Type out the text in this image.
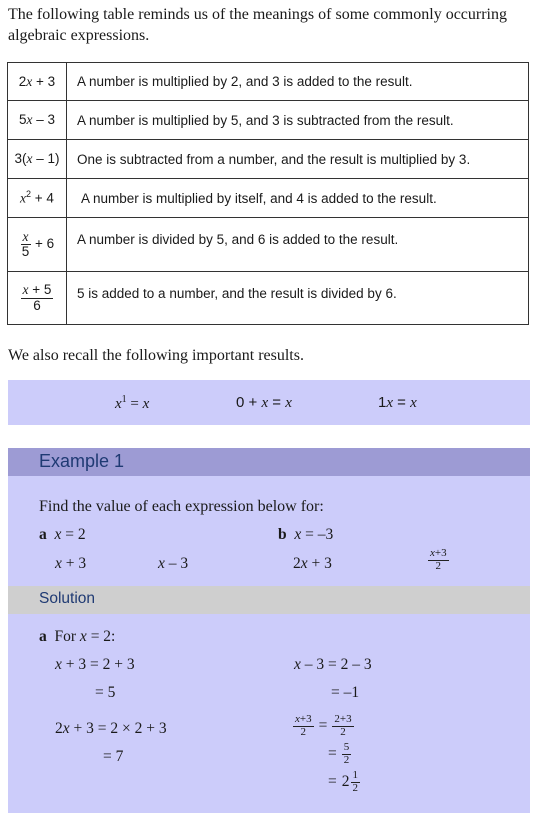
The following table reminds us of the meanings of some commonly occurring algebraic expressions.
2x + 3	A number is multiplied by 2, and 3 is added to the result.
5x – 3	A number is multiplied by 5, and 3 is subtracted from the result.
3(x – 1)	One is subtracted from a number, and the result is multiplied by 3.
$x^2 + 4$	A number is multiplied by itself, and 4 is added to the result.

$\frac{x}{5} + 6$	A number is divided by 5, and 6 is added to the result.

$\frac{x + 5}{6}$	5 is added to a number, and the result is divided by 6.
We also recall the following important results.
$x^1 = x$	0 + x = x	1x = x
Example 1
Find the value of each expression below for:
a x = 2	b x = –3
x + 3	x – 3	2x + 3	$\frac{x+3}{2}$
Solution
a For x = 2:
x + 3 = 2 + 3
= 5
x – 3 = 2 – 3
= –1
2x + 3 = 2 × 2 + 3
= 7
$\frac{x+3}{2} = \frac{2+3}{2}$
= $\frac{5}{2}$
= $2 \frac{1}{2}$
